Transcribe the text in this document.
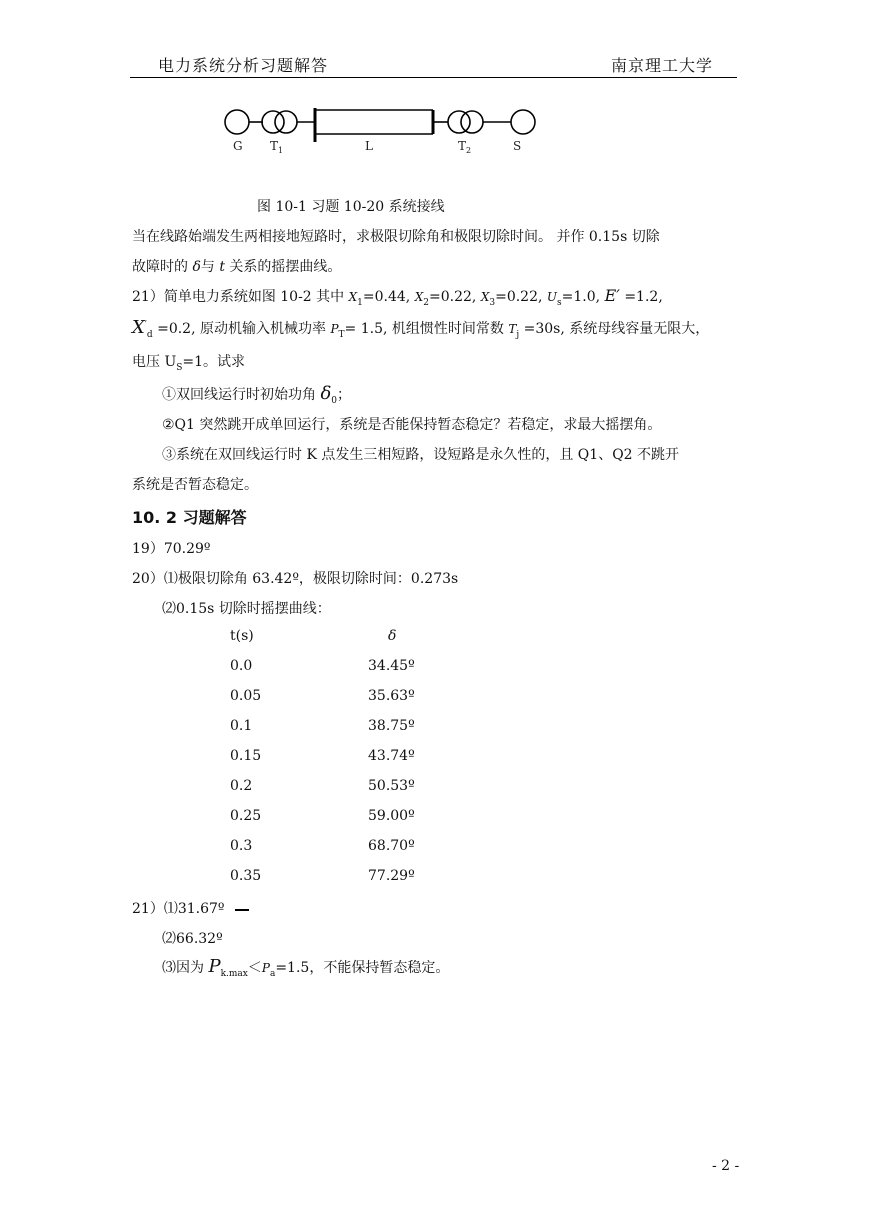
电力系统分析习题解答	南京理工大学
G T 1	L	T 2	S
图 10-1 习题 10-20 系统接线
当在线路始端发生两相接地短路时，求极限切除角和极限切除时间。 并作 0.15s 切除
故障时的 δ与 t 关系的摇摆曲线。
21）简单电力系统如图 10-2 其中 $X_1=0.44$, $X_2=0.22$, $X_3=0.22$, $U_s=1.0$, E′ =1.2,
$X'_d =0.2$, 原动机输入机械功率 $P_T= 1.5$, 机组惯性时间常数 $T_j =30s$, 系统母线容量无限大，
电压 $U_S=1$。试求
①双回线运行时初始功角 $\delta_0$；
②Q1 突然跳开成单回运行，系统是否能保持暂态稳定？若稳定，求最大摇摆角。
③系统在双回线运行时 K 点发生三相短路，设短路是永久性的，且 Q1、Q2 不跳开
系统是否暂态稳定。
10. 2 习题解答
19）70.29º
20）⑴极限切除角 63.42º，极限切除时间：0.273s
⑵0.15s 切除时摇摆曲线：
t(s)	δ
0.0	34.45º
0.05	35.63º
0.1	38.75º
0.15	43.74º
0.2	50.53º
0.25	59.00º
0.3	68.70º
0.35	77.29º
21）⑴31.67º
⑵66.32º
⑶因为 $P_{k.max}<P_a=1.5$，不能保持暂态稳定。
- 2 -
